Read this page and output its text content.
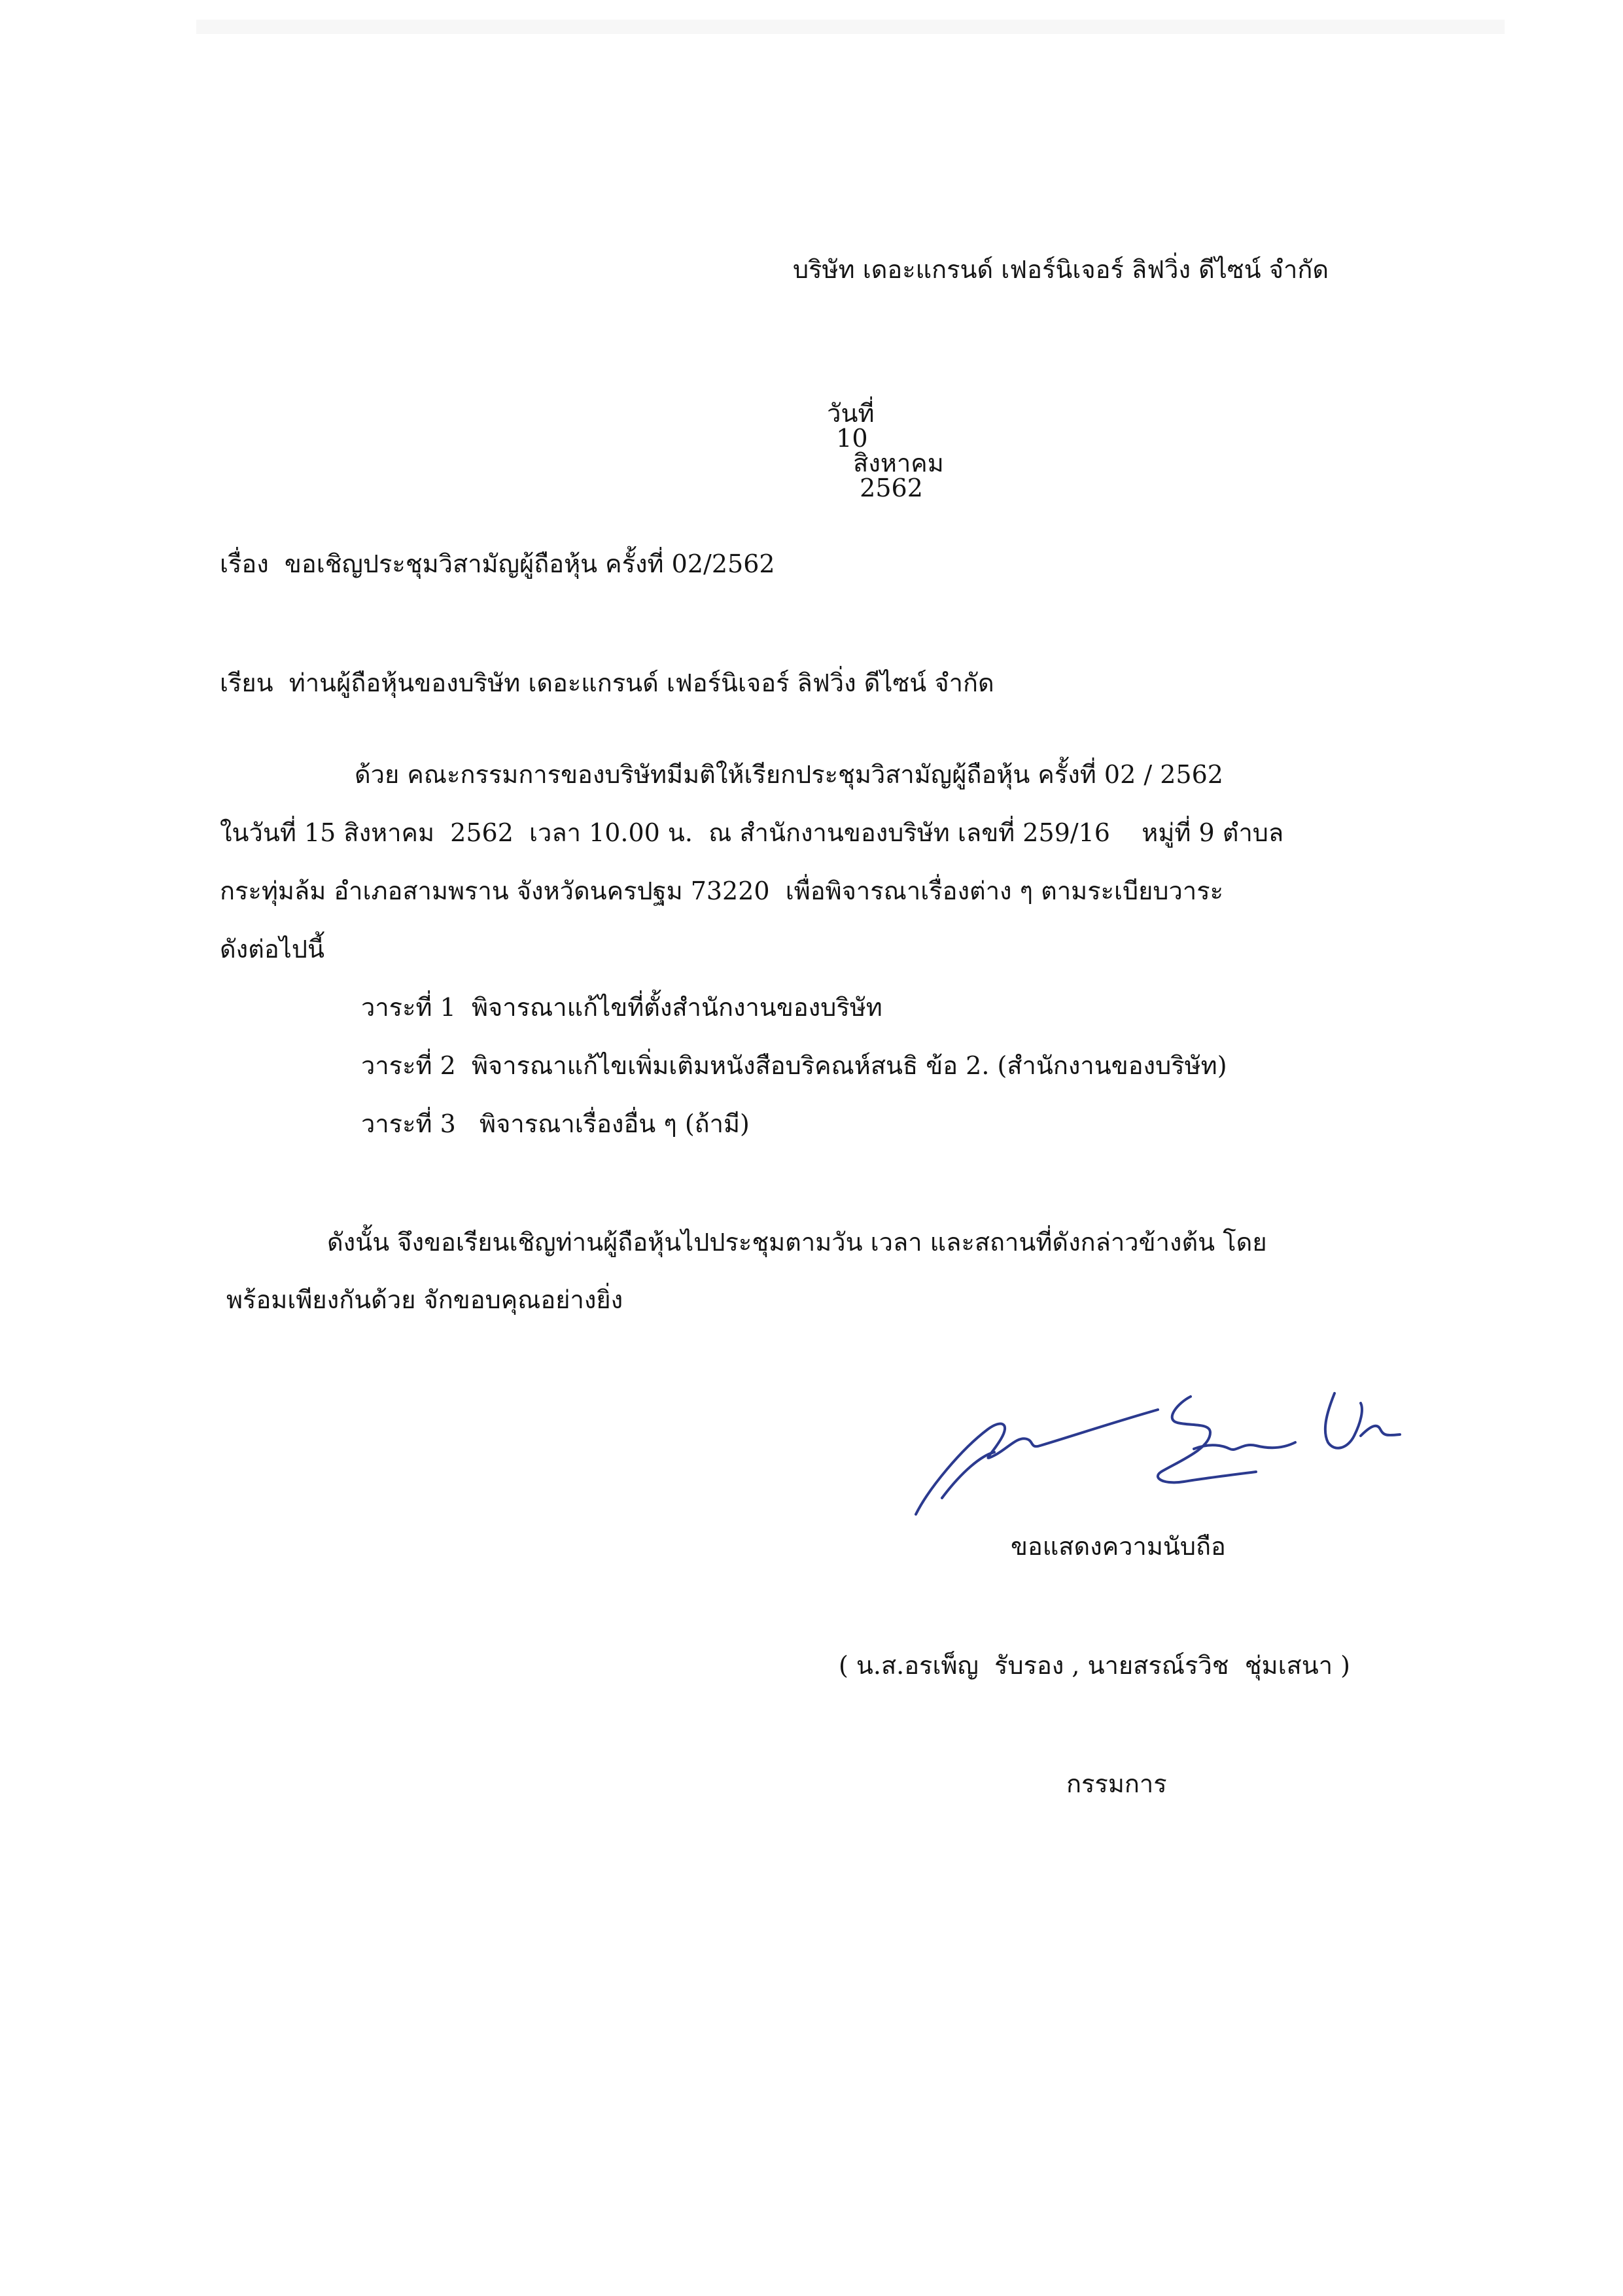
บริษัท เดอะแกรนด์ เฟอร์นิเจอร์ ลิฟวิ่ง ดีไซน์ จำกัด

วันที่
10
สิงหาคม
2562

เรื่อง  ขอเชิญประชุมวิสามัญผู้ถือหุ้น ครั้งที่ 02/2562
เรียน  ท่านผู้ถือหุ้นของบริษัท เดอะแกรนด์ เฟอร์นิเจอร์ ลิฟวิ่ง ดีไซน์ จำกัด
ด้วย คณะกรรมการของบริษัทมีมติให้เรียกประชุมวิสามัญผู้ถือหุ้น ครั้งที่ 02 / 2562
ในวันที่ 15 สิงหาคม  2562  เวลา 10.00 น.  ณ สำนักงานของบริษัท เลขที่ 259/16    หมู่ที่ 9 ตำบล
กระทุ่มล้ม อำเภอสามพราน จังหวัดนครปฐม 73220  เพื่อพิจารณาเรื่องต่าง ๆ ตามระเบียบวาระ
ดังต่อไปนี้
วาระที่ 1  พิจารณาแก้ไขที่ตั้งสำนักงานของบริษัท
วาระที่ 2  พิจารณาแก้ไขเพิ่มเติมหนังสือบริคณห์สนธิ ข้อ 2. (สำนักงานของบริษัท)
วาระที่ 3   พิจารณาเรื่องอื่น ๆ (ถ้ามี)
ดังนั้น จึงขอเรียนเชิญท่านผู้ถือหุ้นไปประชุมตามวัน เวลา และสถานที่ดังกล่าวข้างต้น โดย
พร้อมเพียงกันด้วย จักขอบคุณอย่างยิ่ง
ขอแสดงความนับถือ
( น.ส.อรเพ็ญ  รับรอง , นายสรณ์รวิช  ชุ่มเสนา )
กรรมการ
